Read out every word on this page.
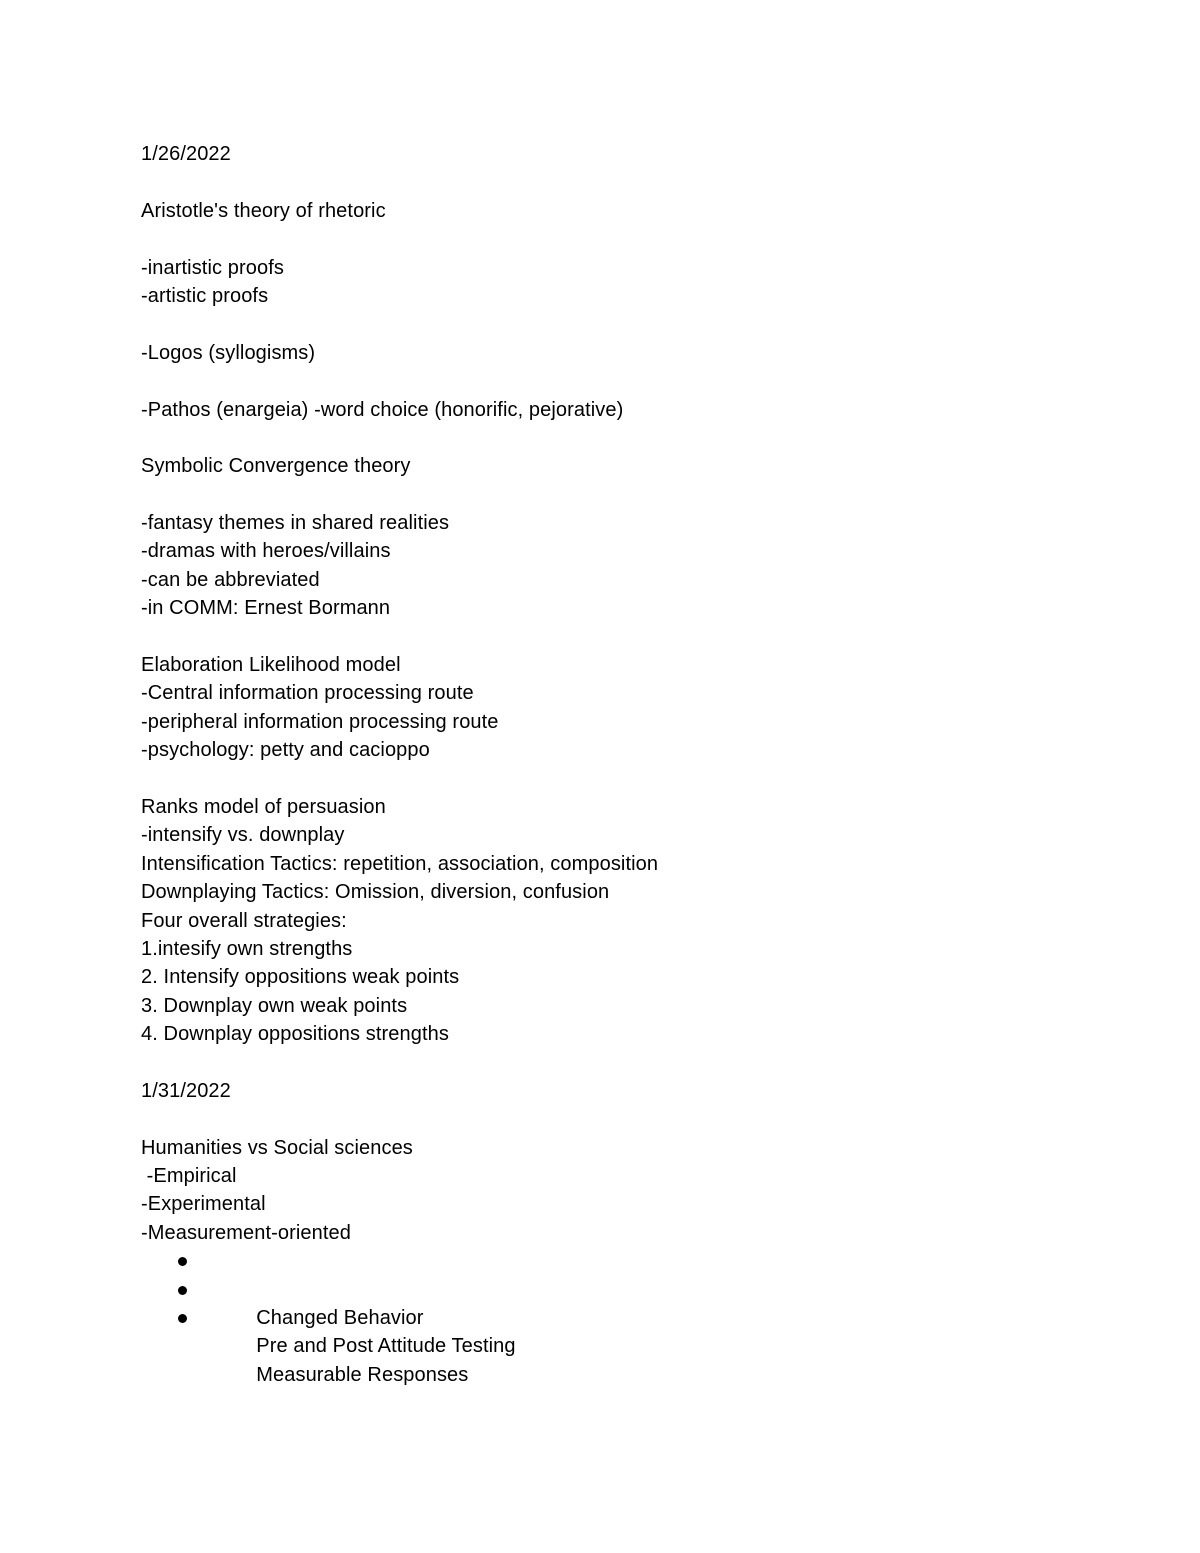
1/26/2022
Aristotle's theory of rhetoric
-inartistic proofs
-artistic proofs
-Logos (syllogisms)
-Pathos (enargeia) -word choice (honorific, pejorative)
Symbolic Convergence theory
-fantasy themes in shared realities
-dramas with heroes/villains
-can be abbreviated
-in COMM: Ernest Bormann
Elaboration Likelihood model
-Central information processing route
-peripheral information processing route
-psychology: petty and cacioppo
Ranks model of persuasion
-intensify vs. downplay
Intensification Tactics: repetition, association, composition
Downplaying Tactics: Omission, diversion, confusion
Four overall strategies:
1.intesify own strengths
2. Intensify oppositions weak points
3. Downplay own weak points
4. Downplay oppositions strengths
1/31/2022
Humanities vs Social sciences
-Empirical
-Experimental
-Measurement-oriented

Changed Behavior

Pre and Post Attitude Testing

Measurable Responses
